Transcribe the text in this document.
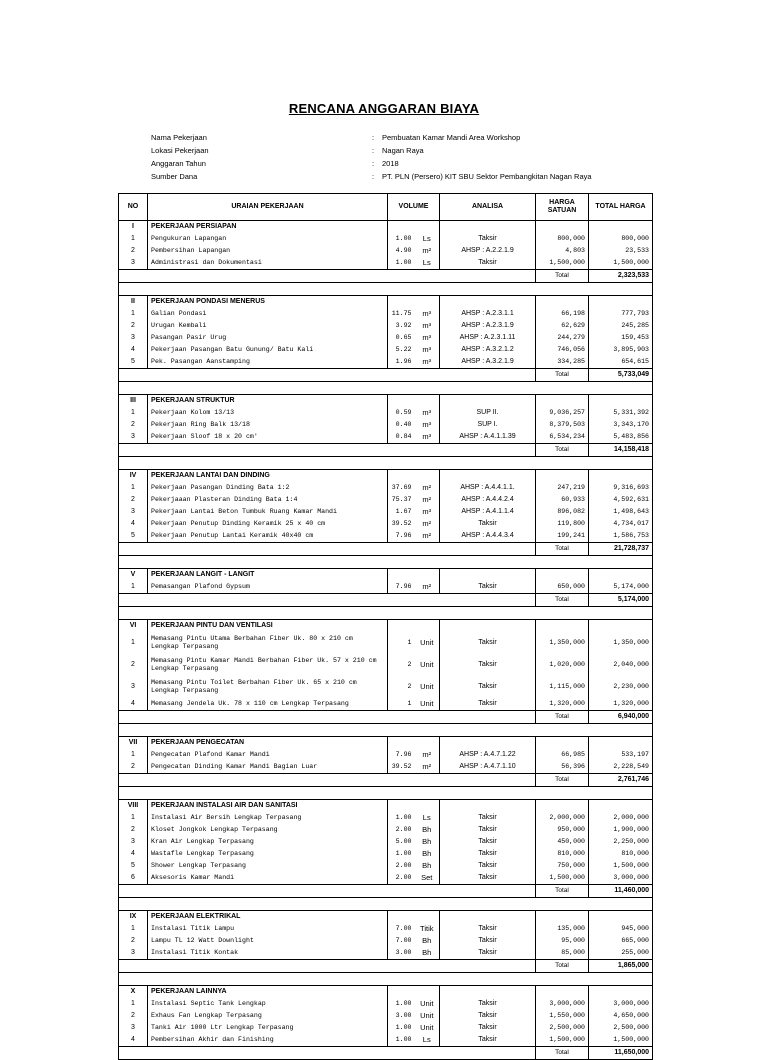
RENCANA ANGGARAN BIAYA
Nama Pekerjaan	:	Pembuatan Kamar Mandi Area Workshop
Lokasi Pekerjaan	:	Nagan Raya
Anggaran Tahun	:	2018
Sumber Dana	:	PT. PLN (Persero) KIT SBU Sektor Pembangkitan Nagan Raya
NO	URAIAN PEKERJAAN	VOLUME		ANALISA	HARGA SATUAN	TOTAL HARGA
I	PEKERJAAN PERSIAPAN					
1	Pengukuran Lapangan	1.00	Ls	Taksir	800,000	800,000
2	Pembersihan Lapangan	4.90	m²	AHSP : A.2.2.1.9	4,803	23,533
3	Administrasi dan Dokumentasi	1.00	Ls	Taksir	1,500,000	1,500,000
					Total	2,323,533

II	PEKERJAAN PONDASI MENERUS					
1	Galian Pondasi	11.75	m³	AHSP : A.2.3.1.1	66,198	777,793
2	Urugan Kembali	3.92	m³	AHSP : A.2.3.1.9	62,629	245,285
3	Pasangan Pasir Urug	0.65	m³	AHSP : A.2.3.1.11	244,279	159,453
4	Pekerjaan Pasangan Batu Gunung/ Batu Kali	5.22	m³	AHSP : A.3.2.1.2	746,056	3,895,903
5	Pek. Pasangan Aanstamping	1.96	m³	AHSP : A.3.2.1.9	334,285	654,615
					Total	5,733,049

III	PEKERJAAN STRUKTUR					
1	Pekerjaan Kolom 13/13	0.59	m³	SUP II.	9,036,257	5,331,392
2	Pekerjaan Ring Balk 13/18	0.40	m³	SUP I.	8,379,503	3,343,170
3	Pekerjaan Sloof 18 x 20 cm'	0.84	m³	AHSP : A.4.1.1.39	6,534,234	5,483,856
					Total	14,158,418

IV	PEKERJAAN LANTAI DAN DINDING					
1	Pekerjaan Pasangan Dinding Bata 1:2	37.69	m²	AHSP : A.4.4.1.1.	247,219	9,316,693
2	Pekerjaaan Plasteran Dinding Bata 1:4	75.37	m²	AHSP : A.4.4.2.4	60,933	4,592,631
3	Pekerjaan Lantai Beton Tumbuk Ruang Kamar Mandi	1.67	m³	AHSP : A.4.1.1.4	896,082	1,498,643
4	Pekerjaan Penutup Dinding Keramik 25 x 40 cm	39.52	m²	Taksir	119,800	4,734,017
5	Pekerjaan Penutup Lantai Keramik 40x40 cm	7.96	m²	AHSP : A.4.4.3.4	199,241	1,586,753
					Total	21,728,737

V	PEKERJAAN LANGIT - LANGIT					
1	Pemasangan Plafond Gypsum	7.96	m²	Taksir	650,000	5,174,000
					Total	5,174,000

VI	PEKERJAAN PINTU DAN VENTILASI					
1	Memasang Pintu Utama Berbahan Fiber Uk. 80 x 210 cm Lengkap Terpasang	1	Unit	Taksir	1,350,000	1,350,000
2	Memasang Pintu Kamar Mandi Berbahan Fiber Uk. 57 x 210 cm Lengkap Terpasang	2	Unit	Taksir	1,020,000	2,040,000
3	Memasang Pintu Toilet Berbahan Fiber Uk. 65 x 210 cm Lengkap Terpasang	2	Unit	Taksir	1,115,000	2,230,000
4	Memasang Jendela Uk. 78 x 110 cm Lengkap Terpasang	1	Unit	Taksir	1,320,000	1,320,000
					Total	6,940,000

VII	PEKERJAAN PENGECATAN					
1	Pengecatan Plafond Kamar Mandi	7.96	m²	AHSP : A.4.7.1.22	66,985	533,197
2	Pengecatan Dinding Kamar Mandi Bagian Luar	39.52	m²	AHSP : A.4.7.1.10	56,396	2,228,549
					Total	2,761,746

VIII	PEKERJAAN INSTALASI AIR DAN SANITASI					
1	Instalasi Air Bersih Lengkap Terpasang	1.00	Ls	Taksir	2,000,000	2,000,000
2	Kloset Jongkok Lengkap Terpasang	2.00	Bh	Taksir	950,000	1,900,000
3	Kran Air Lengkap Terpasang	5.00	Bh	Taksir	450,000	2,250,000
4	Wastafle Lengkap Terpasang	1.00	Bh	Taksir	810,000	810,000
5	Shower Lengkap Terpasang	2.00	Bh	Taksir	750,000	1,500,000
6	Aksesoris Kamar Mandi	2.00	Set	Taksir	1,500,000	3,000,000
					Total	11,460,000

IX	PEKERJAAN ELEKTRIKAL					
1	Instalasi Titik Lampu	7.00	Titik	Taksir	135,000	945,000
2	Lampu TL 12 Watt Downlight	7.00	Bh	Taksir	95,000	665,000
3	Instalasi Titik Kontak	3.00	Bh	Taksir	85,000	255,000
					Total	1,865,000

X	PEKERJAAN LAINNYA					
1	Instalasi Septic Tank Lengkap	1.00	Unit	Taksir	3,000,000	3,000,000
2	Exhaus Fan Lengkap Terpasang	3.00	Unit	Taksir	1,550,000	4,650,000
3	Tanki Air 1000 Ltr Lengkap Terpasang	1.00	Unit	Taksir	2,500,000	2,500,000
4	Pembersihan Akhir dan Finishing	1.00	Ls	Taksir	1,500,000	1,500,000
					Total	11,650,000
